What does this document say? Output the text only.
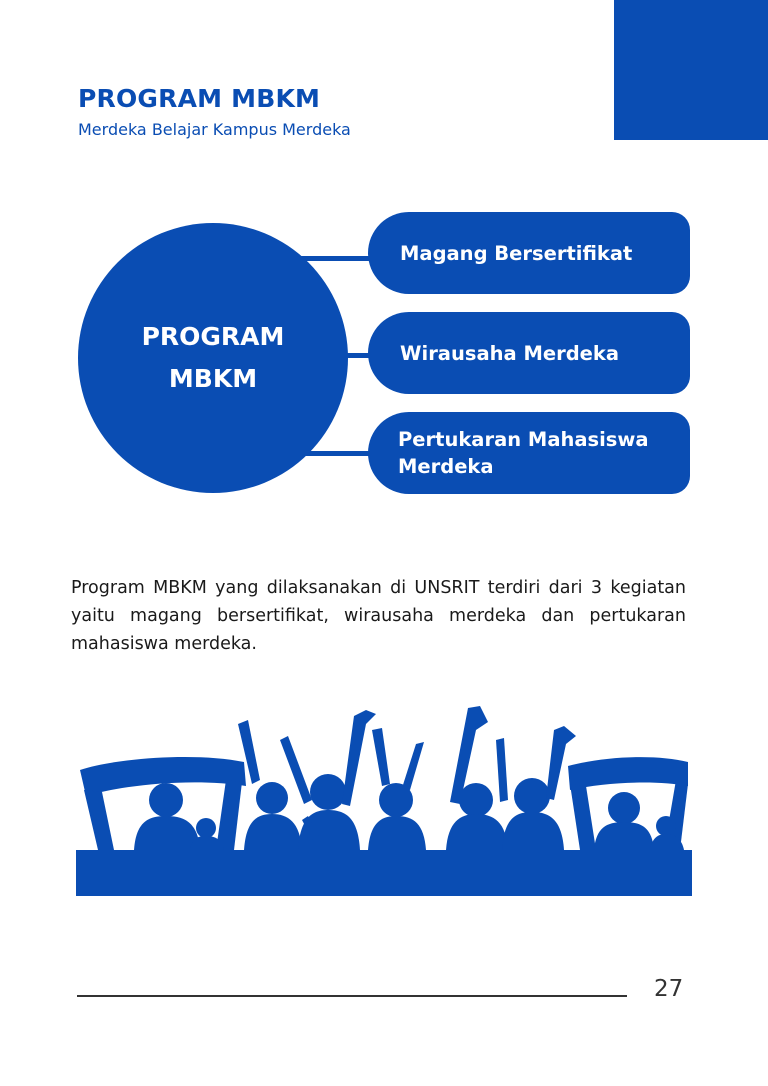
PROGRAM MBKM

Merdeka Belajar Kampus Merdeka

PROGRAM
MBKM
Magang Bersertifikat
Wirausaha Merdeka
Pertukaran Mahasiswa
Merdeka

Program MBKM yang dilaksanakan di UNSRIT terdiri dari 3 kegiatan yaitu magang bersertifikat, wirausaha merdeka dan pertukaran mahasiswa merdeka.

27
